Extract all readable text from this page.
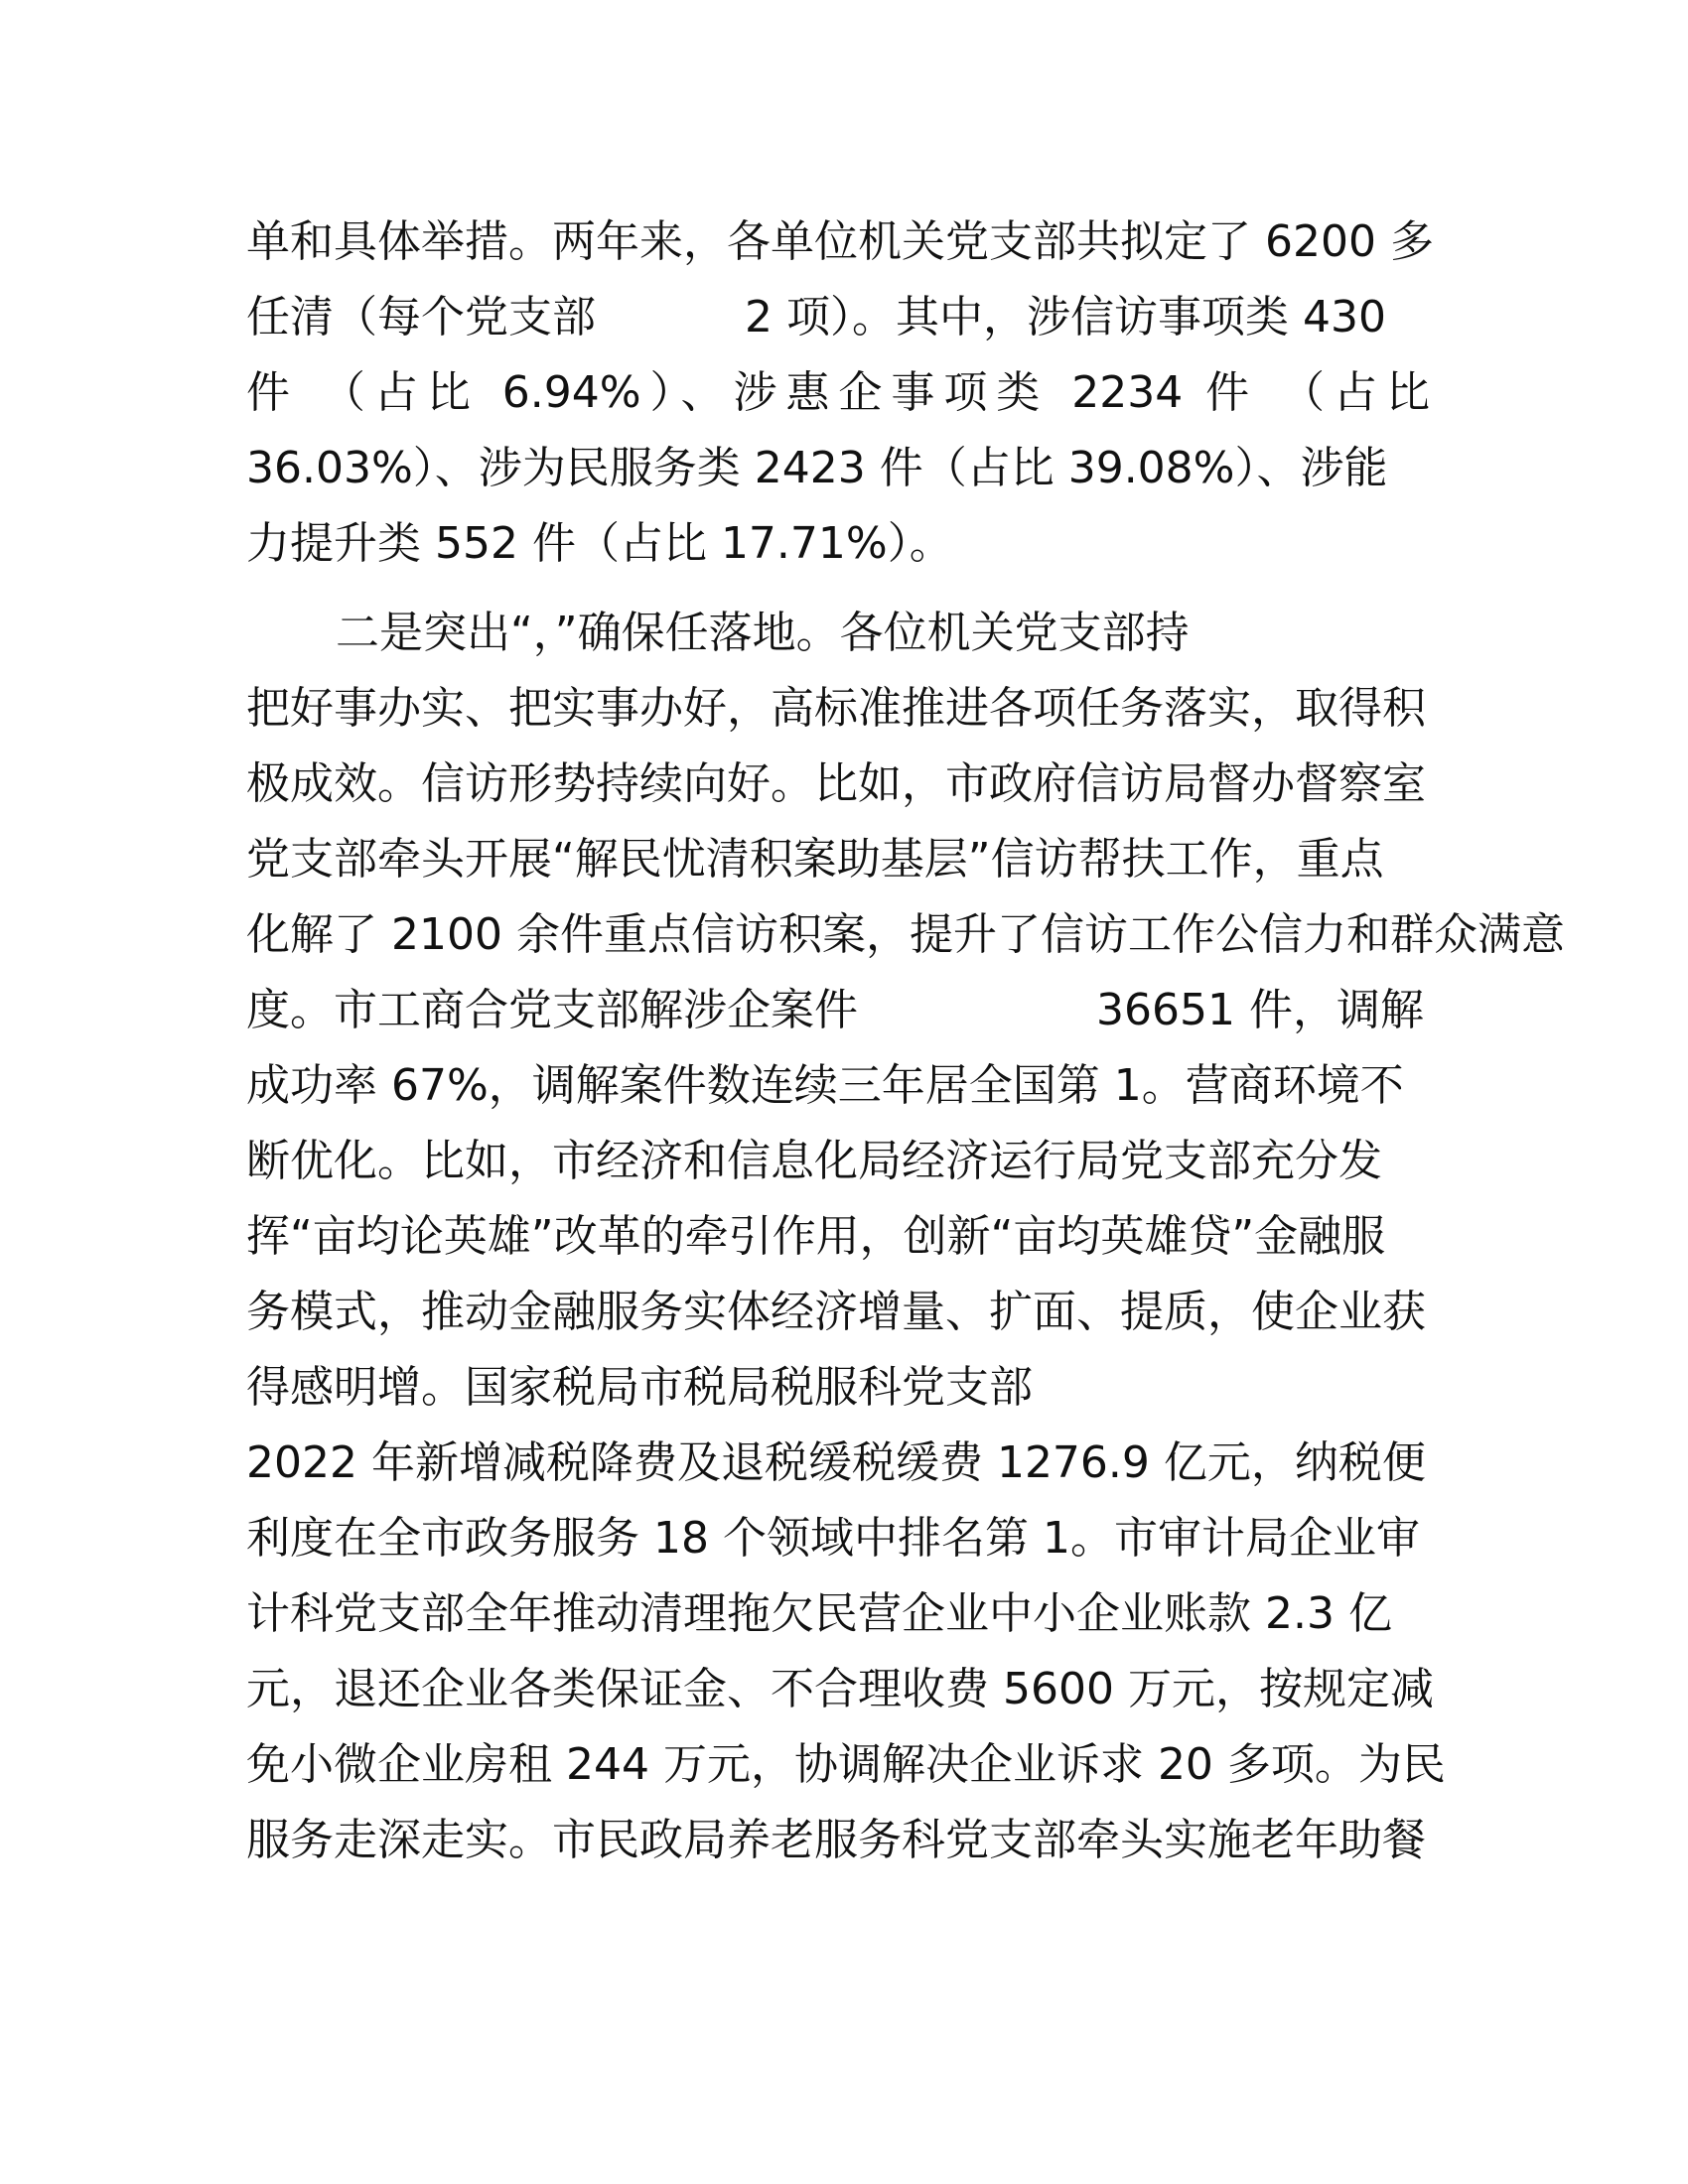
单和具体举措。两年来，各单位机关党支部共拟定了 6200 多
任清（每个党支部	2 项）。其中，涉信访事项类 430
件 （占比 6.94%）、涉惠企事项类 2234 件 （占比
36.03%）、涉为民服务类 2423 件（占比 39.08%）、涉能
力提升类 552 件（占比 17.71%）。
二是突出“，”确保任落地。各位机关党支部持
把好事办实、把实事办好，高标准推进各项任务落实，取得积
极成效。信访形势持续向好。比如，市政府信访局督办督察室
党支部牵头开展“解民忧清积案助基层”信访帮扶工作，重点
化解了 2100 余件重点信访积案，提升了信访工作公信力和群众满意
度。市工商合党支部解涉企案件	36651 件，调解
成功率 67%，调解案件数连续三年居全国第 1。营商环境不
断优化。比如，市经济和信息化局经济运行局党支部充分发
挥“亩均论英雄”改革的牵引作用，创新“亩均英雄贷”金融服
务模式，推动金融服务实体经济增量、扩面、提质，使企业获
得感明增。国家税局市税局税服科党支部
2022 年新增减税降费及退税缓税缓费 1276.9 亿元，纳税便
利度在全市政务服务 18 个领域中排名第 1。市审计局企业审
计科党支部全年推动清理拖欠民营企业中小企业账款 2.3 亿
元，退还企业各类保证金、不合理收费 5600 万元，按规定减
免小微企业房租 244 万元，协调解决企业诉求 20 多项。为民
服务走深走实。市民政局养老服务科党支部牵头实施老年助餐
